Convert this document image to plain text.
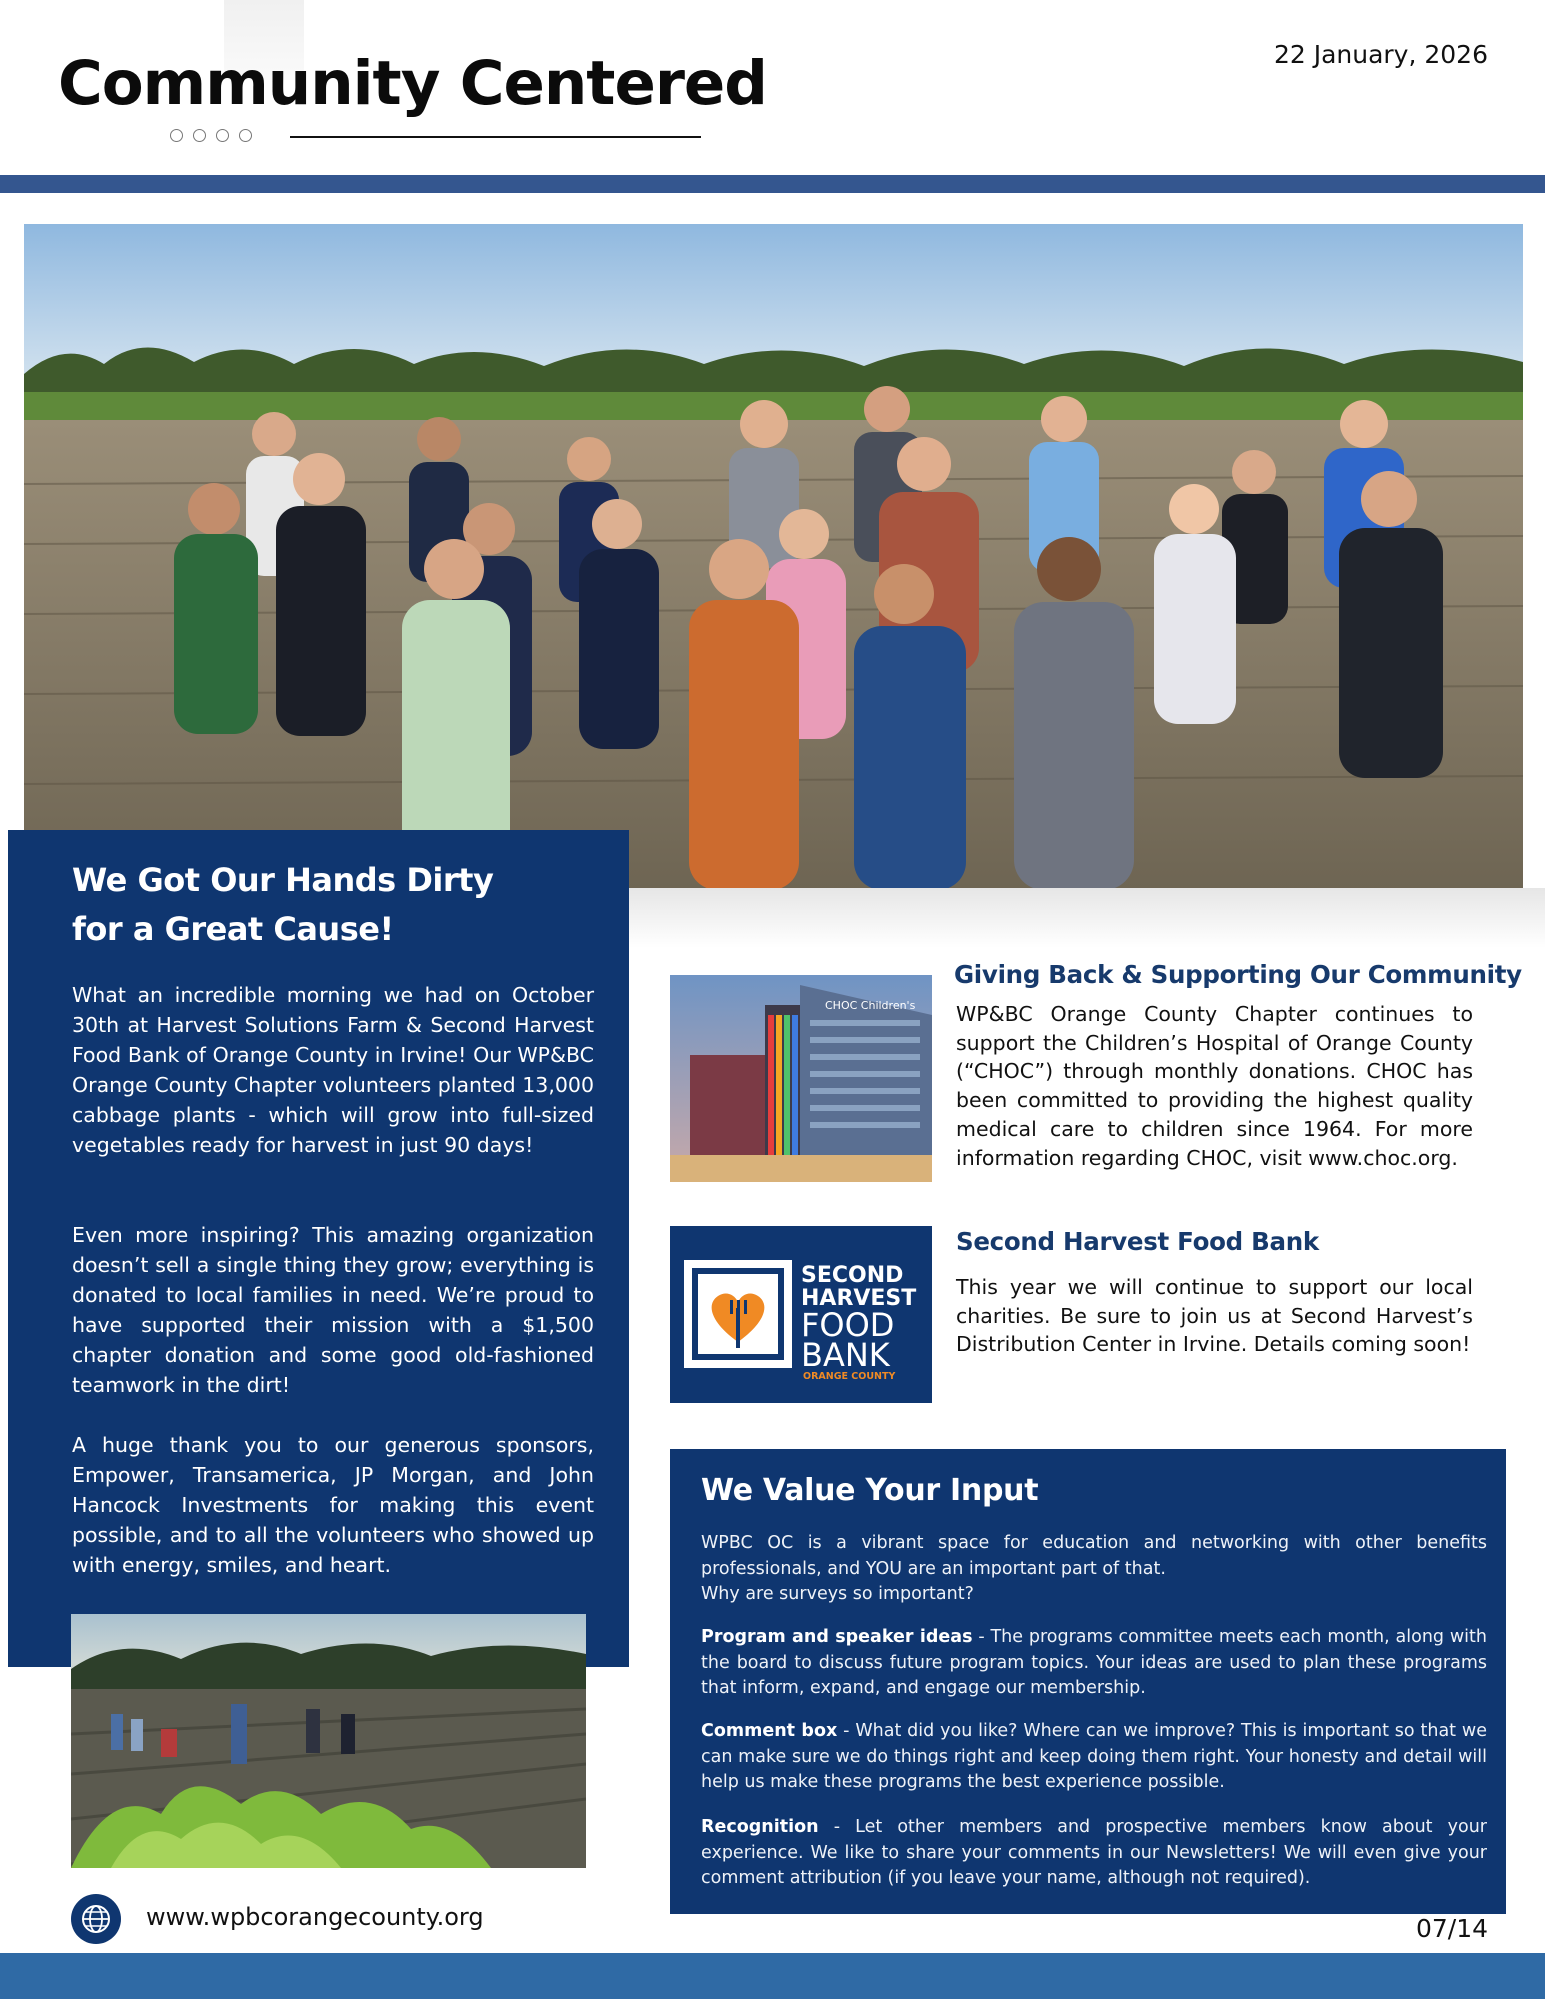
Community Centered	22 January, 2026
We Got Our Hands Dirty
for a Great Cause!

What an incredible morning we had on October 30th at Harvest Solutions Farm & Second Harvest Food Bank of Orange County in Irvine! Our WP&BC Orange County Chapter volunteers planted 13,000 cabbage plants - which will grow into full-sized vegetables ready for harvest in just 90 days!

Even more inspiring? This amazing organization doesn’t sell a single thing they grow; everything is donated to local families in need. We’re proud to have supported their mission with a $1,500 chapter donation and some good old-fashioned teamwork in the dirt!

A huge thank you to our generous sponsors, Empower, Transamerica, JP Morgan, and John Hancock Investments for making this event possible, and to all the volunteers who showed up with energy, smiles, and heart.

www.wpbcorangecounty.org
CHOC Children's
Giving Back & Supporting Our Community

WP&BC Orange County Chapter continues to support the Children’s Hospital of Orange County (“CHOC”) through monthly donations. CHOC has been committed to providing the highest quality medical care to children since 1964. For more information regarding CHOC, visit www.choc.org.

SECOND
HARVEST
FOOD
BANK
ORANGE COUNTY
Second Harvest Food Bank

This year we will continue to support our local charities. Be sure to join us at Second Harvest’s Distribution Center in Irvine. Details coming soon!

We Value Your Input

WPBC OC is a vibrant space for education and networking with other benefits professionals, and YOU are an important part of that.
Why are surveys so important?

Program and speaker ideas - The programs committee meets each month, along with the board to discuss future program topics. Your ideas are used to plan these programs that inform, expand, and engage our membership.

Comment box - What did you like? Where can we improve? This is important so that we can make sure we do things right and keep doing them right. Your honesty and detail will help us make these programs the best experience possible.

Recognition - Let other members and prospective members know about your experience. We like to share your comments in our Newsletters! We will even give your comment attribution (if you leave your name, although not required).

07/14
